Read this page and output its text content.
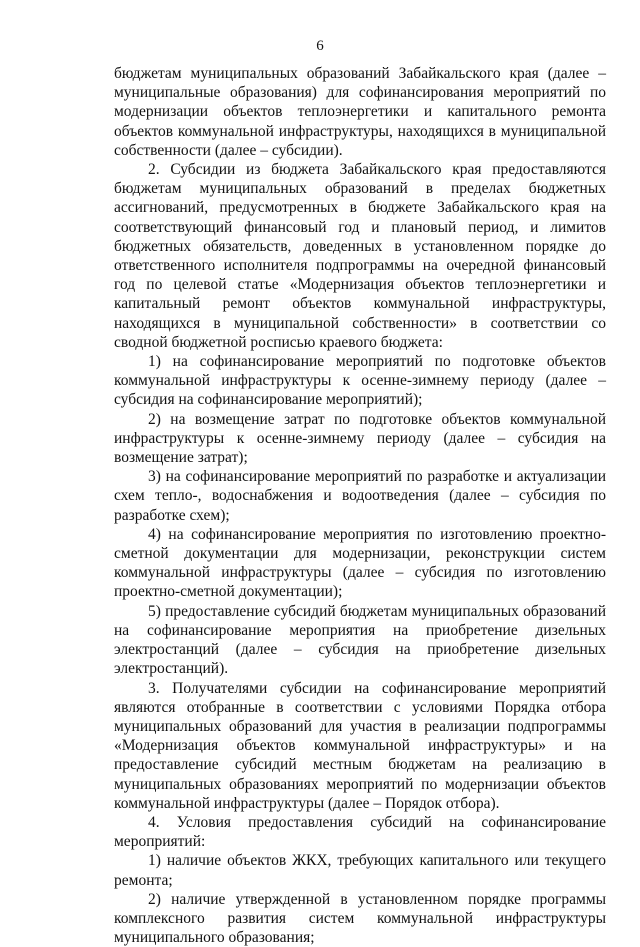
6

бюджетам муниципальных образований Забайкальского края (далее – муниципальные образования) для софинансирования мероприятий по модернизации объектов теплоэнергетики и капитального ремонта объектов коммунальной инфраструктуры, находящихся в муниципальной собственности (далее – субсидии).

2. Субсидии из бюджета Забайкальского края предоставляются бюджетам муниципальных образований в пределах бюджетных ассигнований, предусмотренных в бюджете Забайкальского края на соответствующий финансовый год и плановый период, и лимитов бюджетных обязательств, доведенных в установленном порядке до ответственного исполнителя подпрограммы на очередной финансовый год по целевой статье «Модернизация объектов теплоэнергетики и капитальный ремонт объектов коммунальной инфраструктуры, находящихся в муниципальной собственности» в соответствии со сводной бюджетной росписью краевого бюджета:

1) на софинансирование мероприятий по подготовке объектов коммунальной инфраструктуры к осенне-зимнему периоду (далее – субсидия на софинансирование мероприятий);

2) на возмещение затрат по подготовке объектов коммунальной инфраструктуры к осенне-зимнему периоду (далее – субсидия на возмещение затрат);

3) на софинансирование мероприятий по разработке и актуализации схем тепло-, водоснабжения и водоотведения (далее – субсидия по разработке схем);

4) на софинансирование мероприятия по изготовлению проектно-сметной документации для модернизации, реконструкции систем коммунальной инфраструктуры (далее – субсидия по изготовлению проектно-сметной документации);

5) предоставление субсидий бюджетам муниципальных образований на софинансирование мероприятия на приобретение дизельных электростанций (далее – субсидия на приобретение дизельных электростанций).

3. Получателями субсидии на софинансирование мероприятий являются отобранные в соответствии с условиями Порядка отбора муниципальных образований для участия в реализации подпрограммы «Модернизация объектов коммунальной инфраструктуры» и на предоставление субсидий местным бюджетам на реализацию в муниципальных образованиях мероприятий по модернизации объектов коммунальной инфраструктуры (далее – Порядок отбора).

4. Условия предоставления субсидий на софинансирование мероприятий:

1) наличие объектов ЖКХ, требующих капитального или текущего ремонта;

2) наличие утвержденной в установленном порядке программы комплексного развития систем коммунальной инфраструктуры муниципального образования;
